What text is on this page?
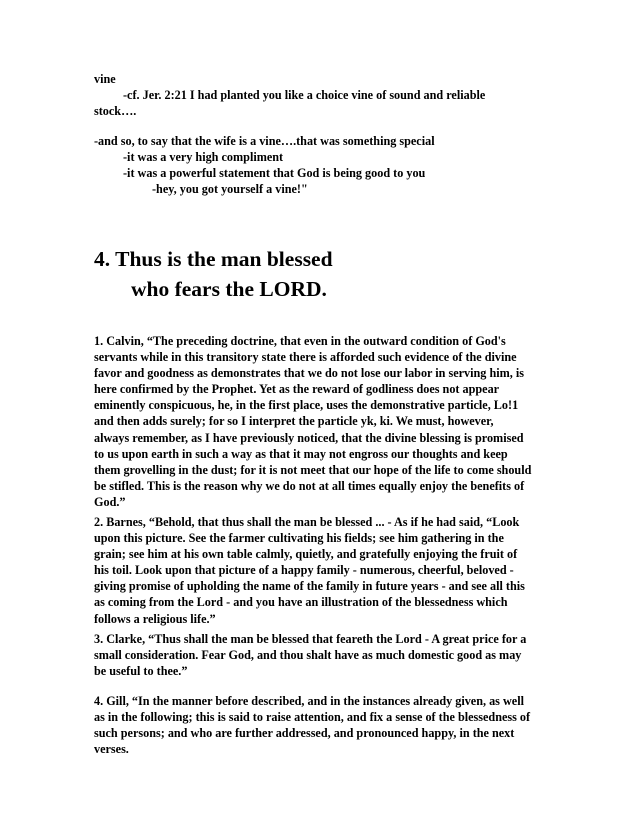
vine
-cf. Jer. 2:21 I had planted you like a choice vine of sound and reliable
stock….
-and so, to say that the wife is a vine….that was something special
-it was a very high compliment
-it was a powerful statement that God is being good to you
-hey, you got yourself a vine!"
4. Thus is the man blessed
who fears the LORD.
1. Calvin, “The preceding doctrine, that even in the outward condition of God's
servants while in this transitory state there is afforded such evidence of the divine
favor and goodness as demonstrates that we do not lose our labor in serving him, is
here confirmed by the Prophet. Yet as the reward of godliness does not appear
eminently conspicuous, he, in the first place, uses the demonstrative particle, Lo!1
and then adds surely; for so I interpret the particle yk, ki. We must, however,
always remember, as I have previously noticed, that the divine blessing is promised
to us upon earth in such a way as that it may not engross our thoughts and keep
them grovelling in the dust; for it is not meet that our hope of the life to come should
be stifled. This is the reason why we do not at all times equally enjoy the benefits of
God.”
2. Barnes, “Behold, that thus shall the man be blessed ... - As if he had said, “Look
upon this picture. See the farmer cultivating his fields; see him gathering in the
grain; see him at his own table calmly, quietly, and gratefully enjoying the fruit of
his toil. Look upon that picture of a happy family - numerous, cheerful, beloved -
giving promise of upholding the name of the family in future years - and see all this
as coming from the Lord - and you have an illustration of the blessedness which
follows a religious life.”
3. Clarke, “Thus shall the man be blessed that feareth the Lord - A great price for a
small consideration. Fear God, and thou shalt have as much domestic good as may
be useful to thee.”
4. Gill, “In the manner before described, and in the instances already given, as well
as in the following; this is said to raise attention, and fix a sense of the blessedness of
such persons; and who are further addressed, and pronounced happy, in the next
verses.
